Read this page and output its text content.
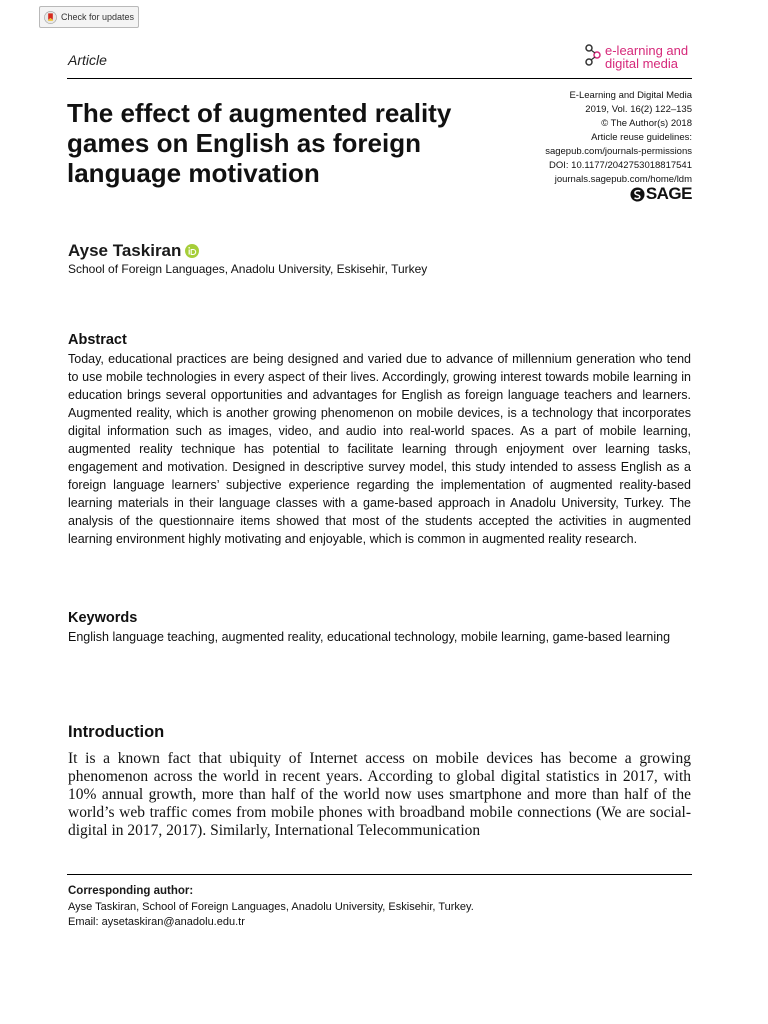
Check for updates
Article
e-learning and
digital media
The effect of augmented reality games on English as foreign language motivation
E-Learning and Digital Media
2019, Vol. 16(2) 122–135
© The Author(s) 2018
Article reuse guidelines:
sagepub.com/journals-permissions
DOI: 10.1177/2042753018817541
journals.sagepub.com/home/ldm
SAGE
Ayse Taskiran
School of Foreign Languages, Anadolu University, Eskisehir, Turkey
Abstract
Today, educational practices are being designed and varied due to advance of millennium generation who tend to use mobile technologies in every aspect of their lives. Accordingly, growing interest towards mobile learning in education brings several opportunities and advantages for English as foreign language teachers and learners. Augmented reality, which is another growing phenomenon on mobile devices, is a technology that incorporates digital information such as images, video, and audio into real-world spaces. As a part of mobile learning, augmented reality technique has potential to facilitate learning through enjoyment over learning tasks, engagement and motivation. Designed in descriptive survey model, this study intended to assess English as a foreign language learners’ subjective experience regarding the implementation of augmented reality-based learning materials in their language classes with a game-based approach in Anadolu University, Turkey. The analysis of the questionnaire items showed that most of the students accepted the activities in augmented learning environment highly motivating and enjoyable, which is common in augmented reality research.
Keywords
English language teaching, augmented reality, educational technology, mobile learning, game-based learning
Introduction
It is a known fact that ubiquity of Internet access on mobile devices has become a growing phenomenon across the world in recent years. According to global digital statistics in 2017, with 10% annual growth, more than half of the world now uses smartphone and more than half of the world’s web traffic comes from mobile phones with broadband mobile connections (We are social-digital in 2017, 2017). Similarly, International Telecommunication
Corresponding author:
Ayse Taskiran, School of Foreign Languages, Anadolu University, Eskisehir, Turkey.
Email: aysetaskiran@anadolu.edu.tr
